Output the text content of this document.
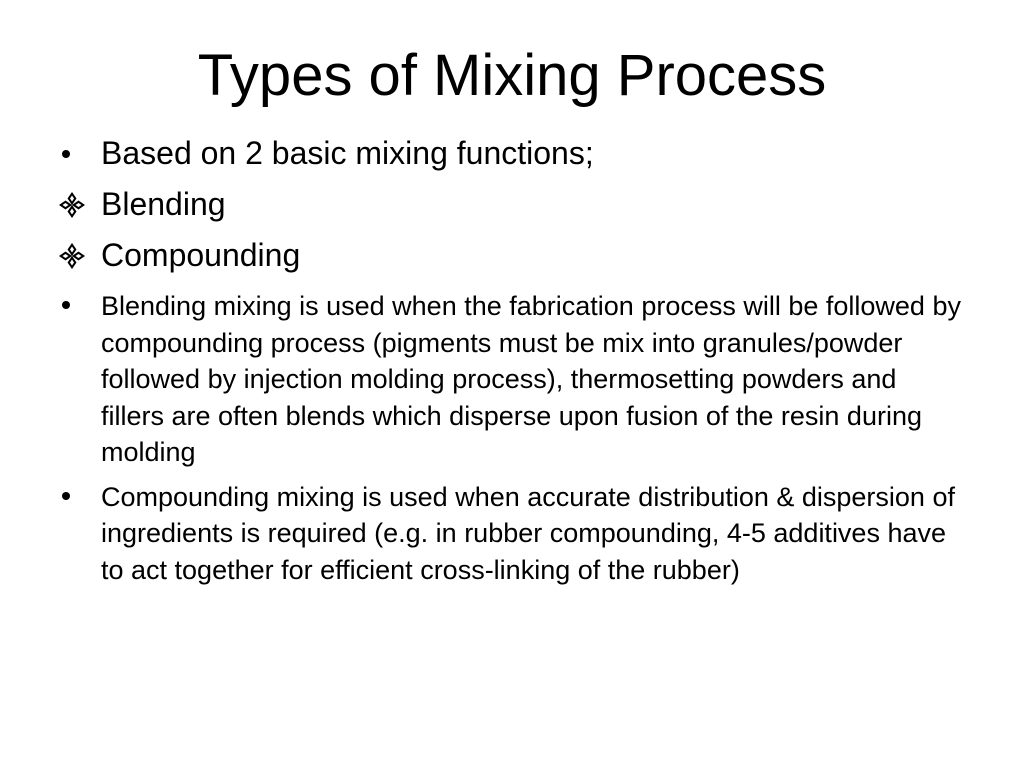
Types of Mixing Process
Based on 2 basic mixing functions;
Blending
Compounding
Blending mixing is used when the fabrication process will be followed by compounding process (pigments must be mix into granules/powder followed by injection molding process), thermosetting powders and fillers are often blends which disperse upon fusion of the resin during molding
Compounding mixing is used when accurate distribution & dispersion of ingredients is required (e.g. in rubber compounding, 4-5 additives have to act together for efficient cross-linking of the rubber)
